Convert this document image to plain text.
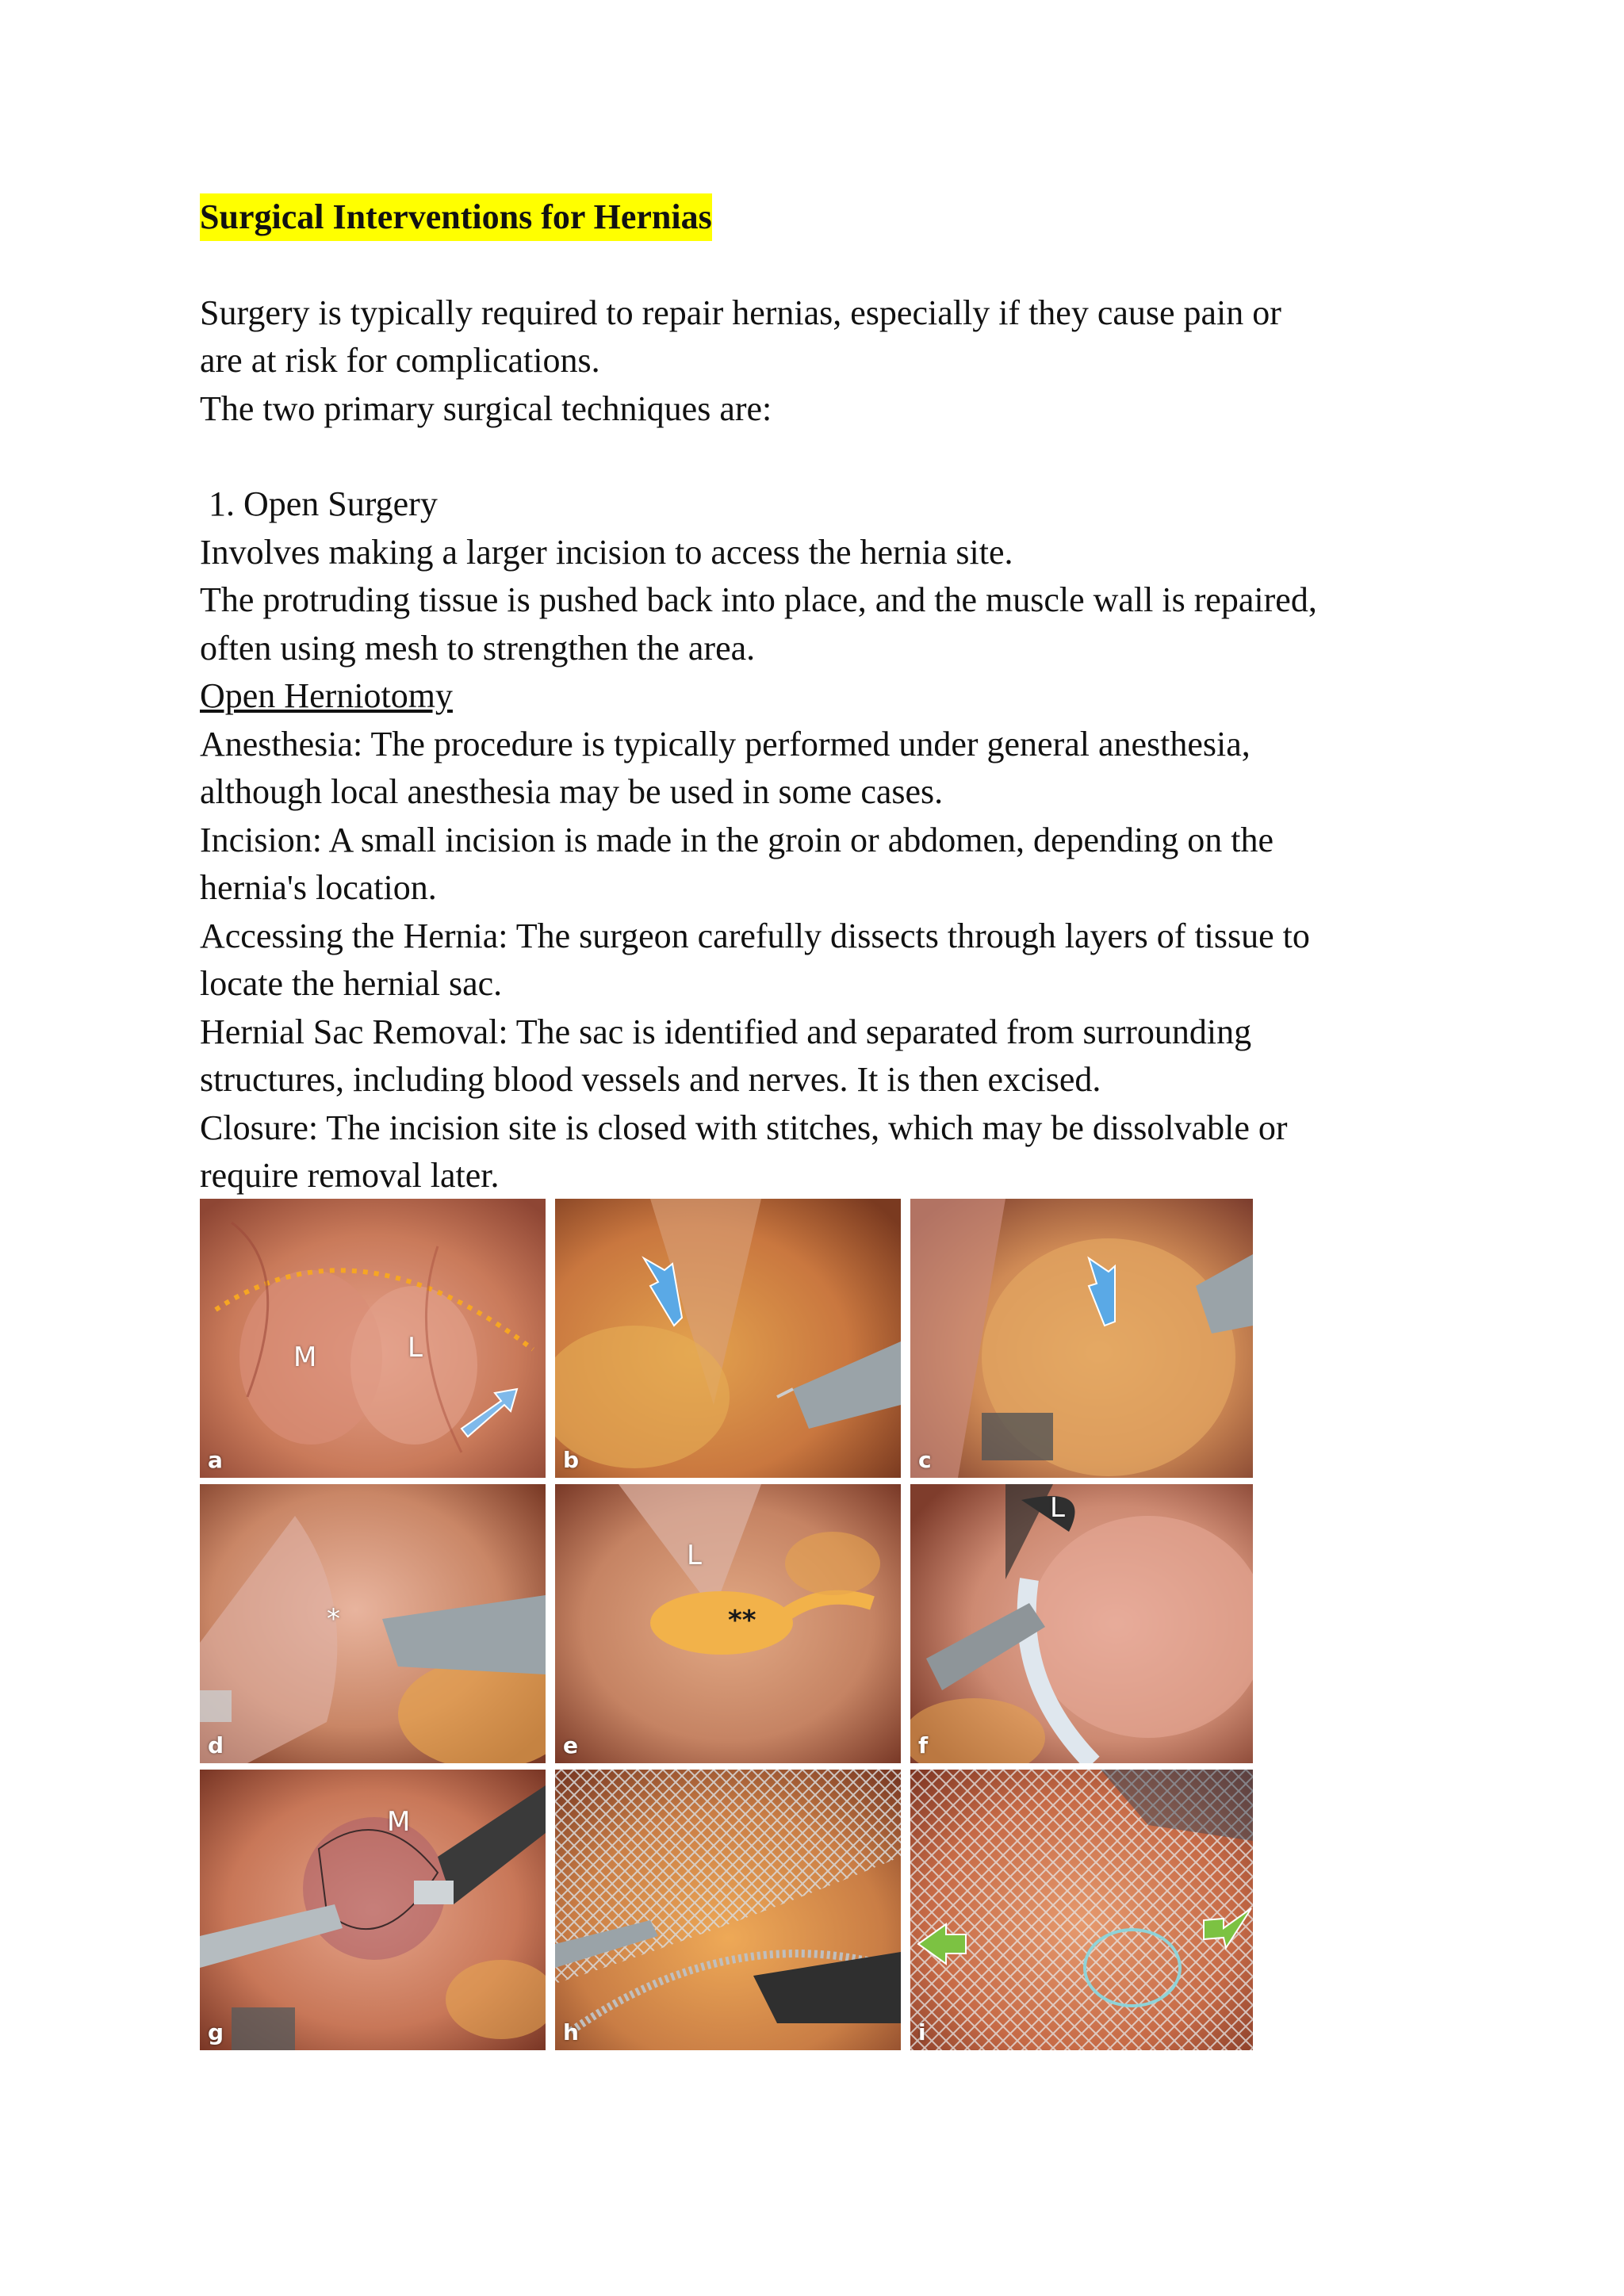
Surgical Interventions for Hernias
Surgery is typically required to repair hernias, especially if they cause pain or
are at risk for complications.
The two primary surgical techniques are:
1. Open Surgery
Involves making a larger incision to access the hernia site.
The protruding tissue is pushed back into place, and the muscle wall is repaired,
often using mesh to strengthen the area.
Open Herniotomy
Anesthesia: The procedure is typically performed under general anesthesia,
although local anesthesia may be used in some cases.
Incision: A small incision is made in the groin or abdomen, depending on the
hernia's location.
Accessing the Hernia: The surgeon carefully dissects through layers of tissue to
locate the hernial sac.
Hernial Sac Removal: The sac is identified and separated from surrounding
structures, including blood vessels and nerves. It is then excised.
Closure: The incision site is closed with stitches, which may be dissolvable or
require removal later.
M	L
a	b	c
*
d
L
**
e
L
f
M
g	h	i
